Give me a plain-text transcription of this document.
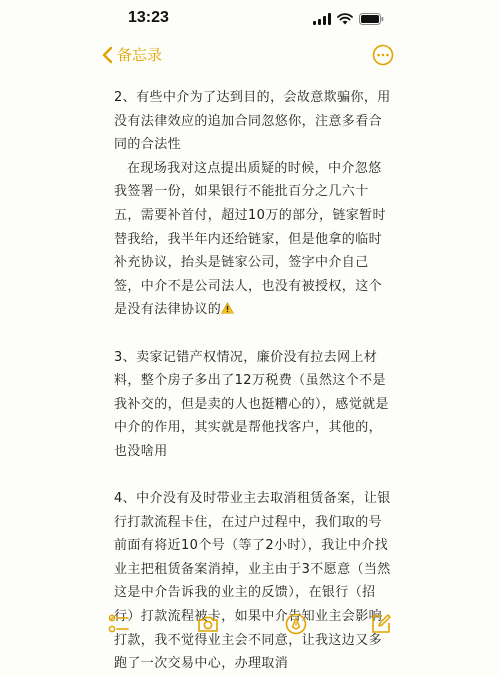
13:23
备忘录

2、有些中介为了达到目的，会故意欺骗你，用没有法律效应的追加合同忽悠你，注意多看合同的合法性

在现场我对这点提出质疑的时候，中介忽悠我签署一份，如果银行不能批百分之几六十五，需要补首付，超过10万的部分，链家暂时替我给，我半年内还给链家，但是他拿的临时补充协议，抬头是链家公司，签字中介自己签，中介不是公司法人，也没有被授权，这个是没有法律协议的

3、卖家记错产权情况，廉价没有拉去网上材料，整个房子多出了12万税费（虽然这个不是我补交的，但是卖的人也挺糟心的），感觉就是中介的作用，其实就是帮他找客户，其他的，也没啥用

4、中介没有及时带业主去取消租赁备案，让银行打款流程卡住，在过户过程中，我们取的号前面有将近10个号（等了2小时），我让中介找业主把租赁备案消掉，业主由于3不愿意（当然这是中介告诉我的业主的反馈），在银行（招行）打款流程被卡，如果中介告知业主会影响打款，我不觉得业主会不同意，让我这边又多跑了一次交易中心，办理取消
